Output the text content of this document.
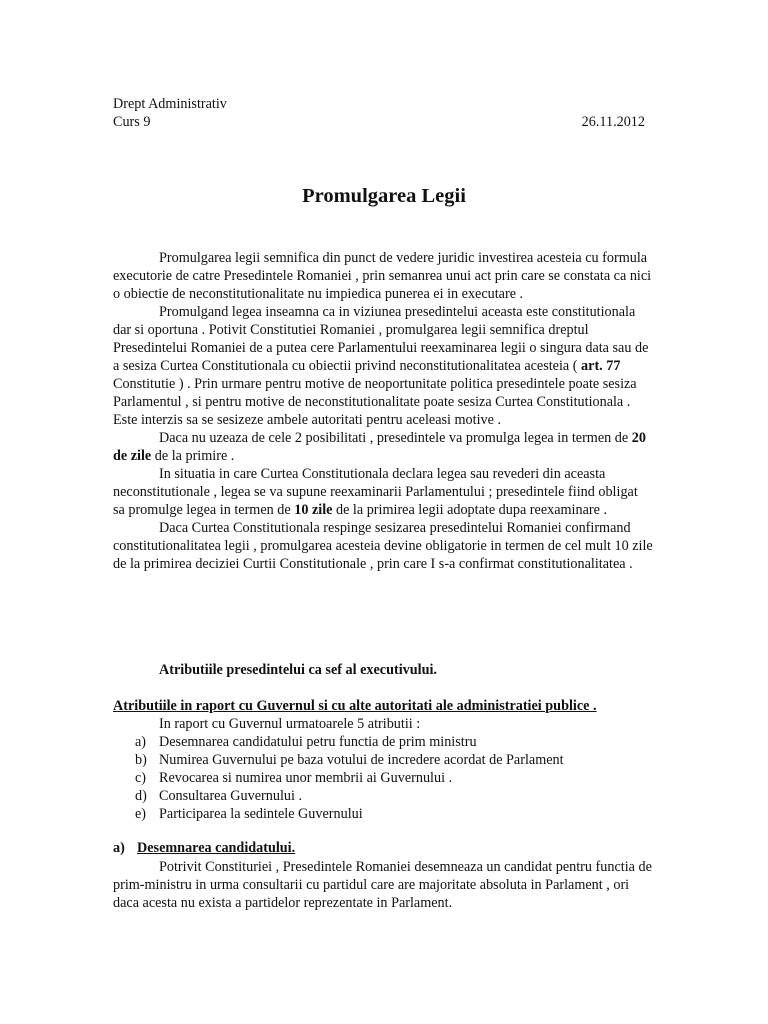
Drept Administrativ
Curs 9	26.11.2012
Promulgarea Legii

Promulgarea legii semnifica din punct de vedere juridic investirea acesteia cu formula executorie de catre Presedintele Romaniei , prin semanrea unui act prin care se constata ca nici o obiectie de neconstitutionalitate nu impiedica punerea ei in executare .

Promulgand legea inseamna ca in viziunea presedintelui aceasta este constitutionala dar si oportuna . Potivit Constitutiei Romaniei , promulgarea legii semnifica dreptul Presedintelui Romaniei de a putea cere Parlamentului reexaminarea legii o singura data sau de a sesiza Curtea Constitutionala cu obiectii privind neconstitutionalitatea acesteia ( art. 77 Constitutie ) . Prin urmare pentru motive de neoportunitate politica presedintele poate sesiza Parlamentul , si pentru motive de neconstitutionalitate poate sesiza Curtea Constitutionala . Este interzis sa se sesizeze ambele autoritati pentru aceleasi motive .

Daca nu uzeaza de cele 2 posibilitati , presedintele va promulga legea in termen de 20 de zile de la primire .

In situatia in care Curtea Constitutionala declara legea sau revederi din aceasta neconstitutionale , legea se va supune reexaminarii Parlamentului ; presedintele fiind obligat sa promulge legea in termen de 10 zile de la primirea legii adoptate dupa reexaminare .

Daca Curtea Constitutionala respinge sesizarea presedintelui Romaniei confirmand constitutionalitatea legii , promulgarea acesteia devine obligatorie in termen de cel mult 10 zile de la primirea deciziei Curtii Constitutionale , prin care I s-a confirmat constitutionalitatea .

Atributiile presedintelui ca sef al executivului.
Atributiile in raport cu Guvernul si cu alte autoritati ale administratiei publice .
In raport cu Guvernul urmatoarele 5 atributii :
a) Desemnarea candidatului petru functia de prim ministru
b) Numirea Guvernului pe baza votului de incredere acordat de Parlament
c) Revocarea si numirea unor membrii ai Guvernului .
d) Consultarea Guvernului .
e) Participarea la sedintele Guvernului
a) Desemnarea candidatului.

Potrivit Constituriei , Presedintele Romaniei desemneaza un candidat pentru functia de prim-ministru in urma consultarii cu partidul care are majoritate absoluta in Parlament , ori daca acesta nu exista a partidelor reprezentate in Parlament.
